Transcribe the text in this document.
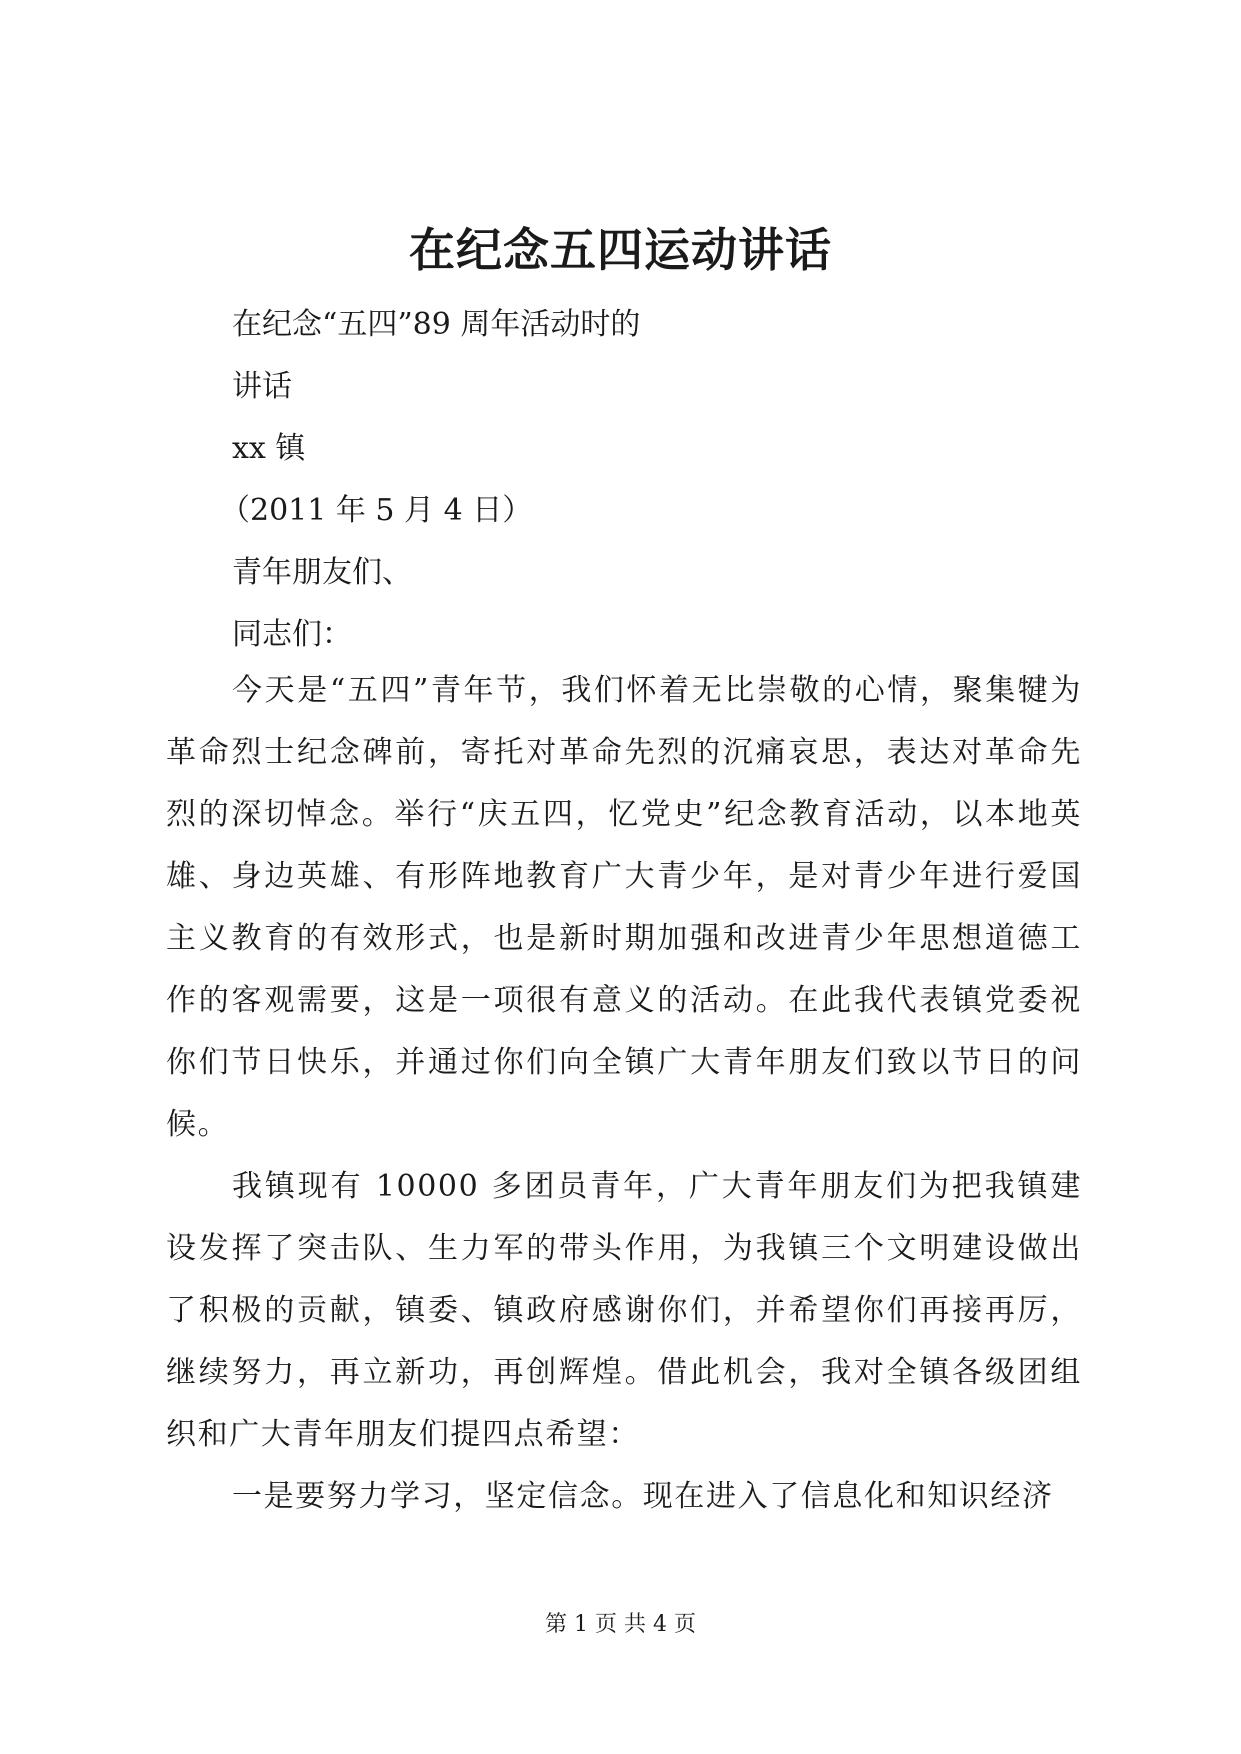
在纪念五四运动讲话
在纪念“五四”89 周年活动时的
讲话
xx 镇
（2011 年 5 月 4 日）
青年朋友们、
同志们：

今天是“五四”青年节，我们怀着无比崇敬的心情，聚集犍为革命烈士纪念碑前，寄托对革命先烈的沉痛哀思，表达对革命先烈的深切悼念。举行“庆五四，忆党史”纪念教育活动，以本地英雄、身边英雄、有形阵地教育广大青少年，是对青少年进行爱国主义教育的有效形式，也是新时期加强和改进青少年思想道德工作的客观需要，这是一项很有意义的活动。在此我代表镇党委祝你们节日快乐，并通过你们向全镇广大青年朋友们致以节日的问候。

我镇现有 10000 多团员青年，广大青年朋友们为把我镇建设发挥了突击队、生力军的带头作用，为我镇三个文明建设做出了积极的贡献，镇委、镇政府感谢你们，并希望你们再接再厉，继续努力，再立新功，再创辉煌。借此机会，我对全镇各级团组织和广大青年朋友们提四点希望：

一是要努力学习，坚定信念。现在进入了信息化和知识经济

第 1 页 共 4 页
